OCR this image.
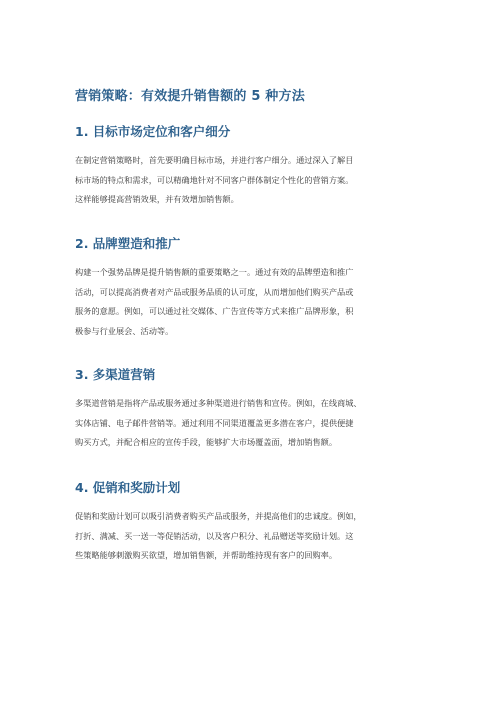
营销策略：有效提升销售额的 5 种方法
1. 目标市场定位和客户细分
在制定营销策略时，首先要明确目标市场，并进行客户细分。通过深入了解目
标市场的特点和需求，可以精确地针对不同客户群体制定个性化的营销方案。
这样能够提高营销效果，并有效增加销售额。
2. 品牌塑造和推广
构建一个强势品牌是提升销售额的重要策略之一。通过有效的品牌塑造和推广
活动，可以提高消费者对产品或服务品质的认可度，从而增加他们购买产品或
服务的意愿。例如，可以通过社交媒体、广告宣传等方式来推广品牌形象，积
极参与行业展会、活动等。
3. 多渠道营销
多渠道营销是指将产品或服务通过多种渠道进行销售和宣传。例如，在线商城、
实体店铺、电子邮件营销等。通过利用不同渠道覆盖更多潜在客户，提供便捷
购买方式，并配合相应的宣传手段，能够扩大市场覆盖面，增加销售额。
4. 促销和奖励计划
促销和奖励计划可以吸引消费者购买产品或服务，并提高他们的忠诚度。例如，
打折、满减、买一送一等促销活动，以及客户积分、礼品赠送等奖励计划。这
些策略能够刺激购买欲望，增加销售额，并帮助维持现有客户的回购率。
